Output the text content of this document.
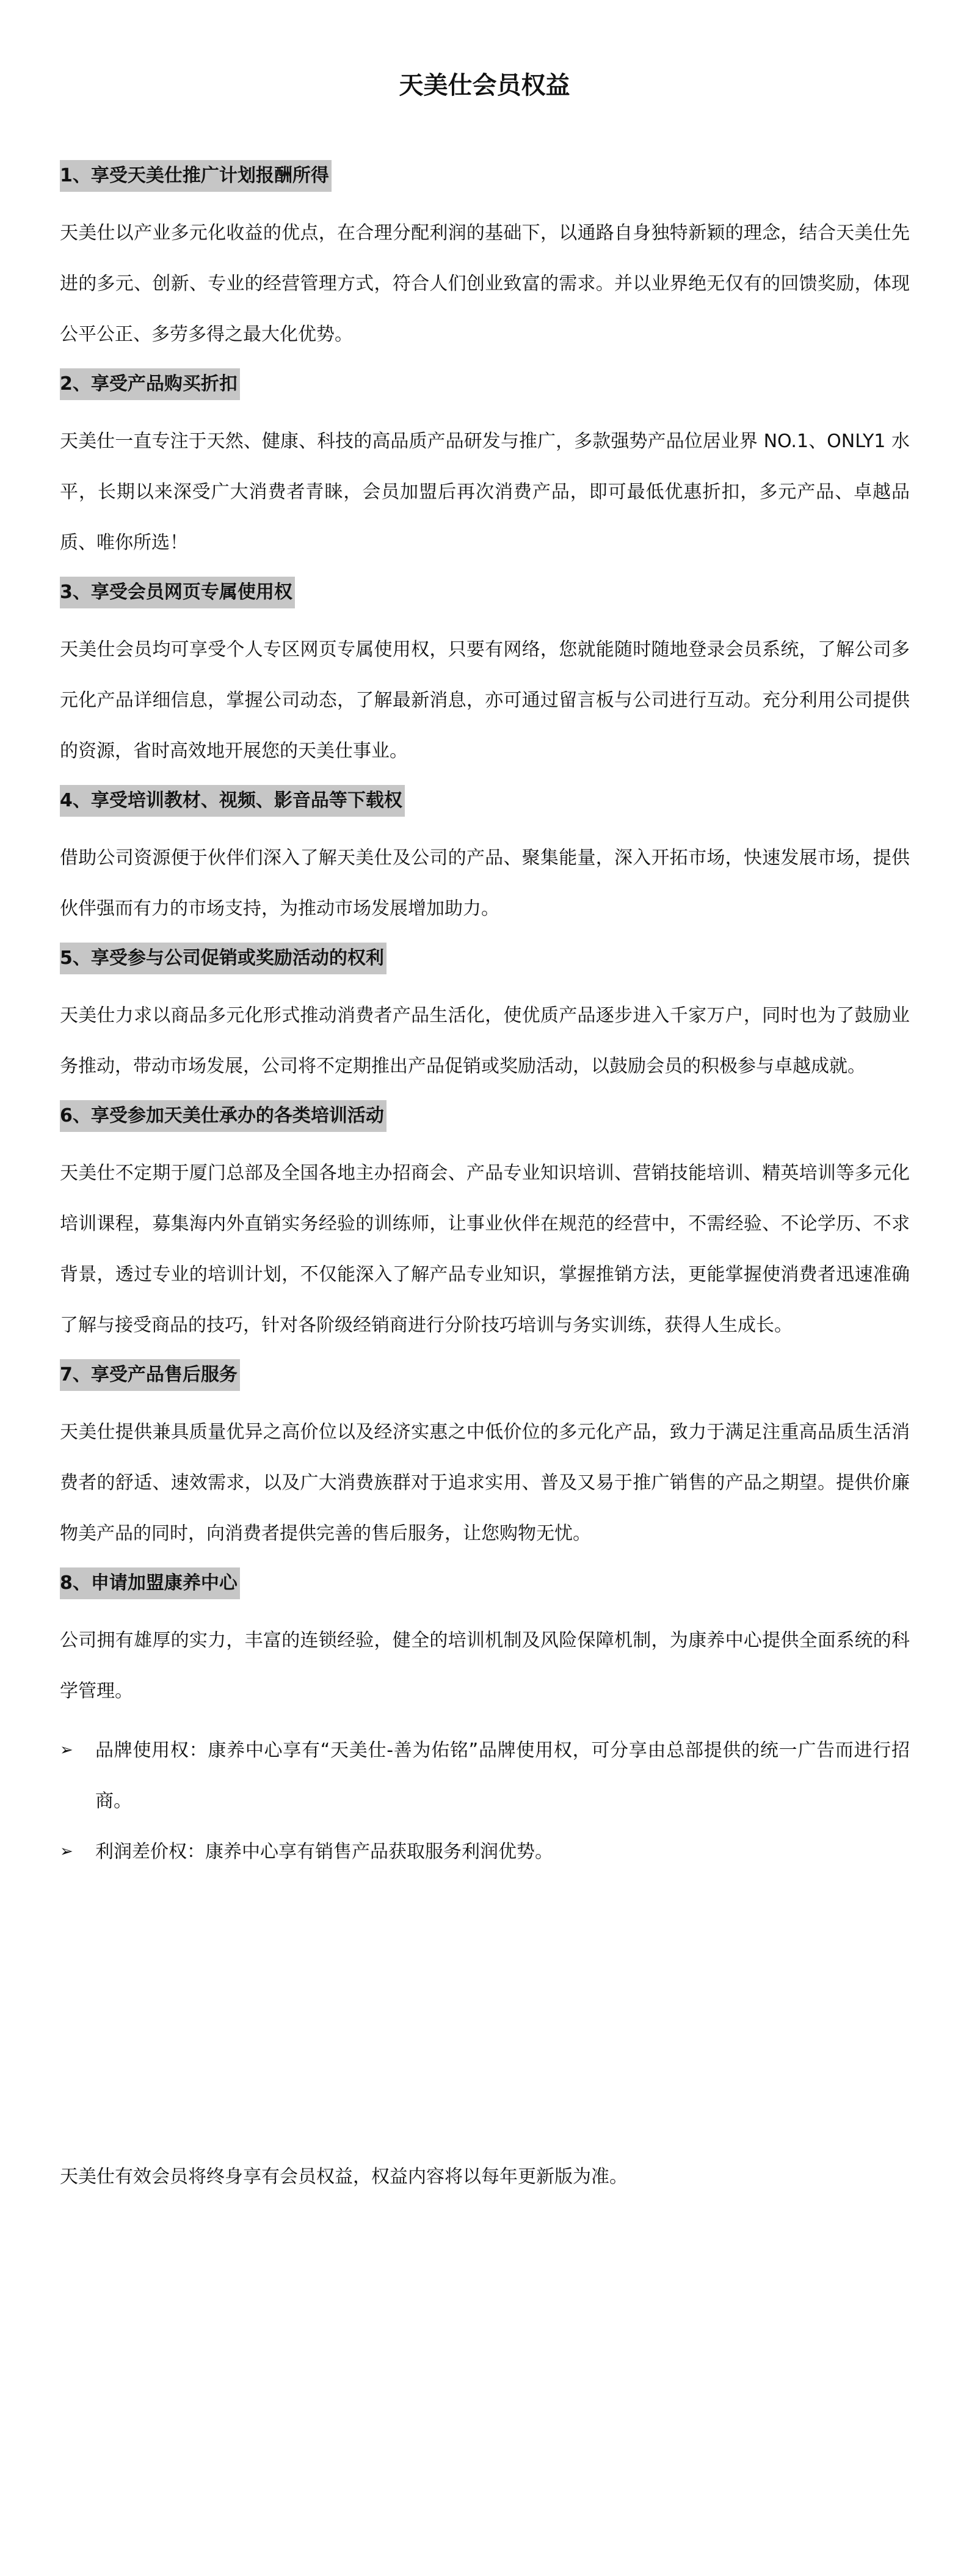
天美仕会员权益
1、享受天美仕推广计划报酬所得

天美仕以产业多元化收益的优点，在合理分配利润的基础下，以通路自身独特新颖的理念，结合天美仕先进的多元、创新、专业的经营管理方式，符合人们创业致富的需求。并以业界绝无仅有的回馈奖励，体现公平公正、多劳多得之最大化优势。

2、享受产品购买折扣

天美仕一直专注于天然、健康、科技的高品质产品研发与推广，多款强势产品位居业界 NO.1、ONLY1 水平，长期以来深受广大消费者青睐，会员加盟后再次消费产品，即可最低优惠折扣，多元产品、卓越品质、唯你所选！

3、享受会员网页专属使用权

天美仕会员均可享受个人专区网页专属使用权，只要有网络，您就能随时随地登录会员系统，了解公司多元化产品详细信息，掌握公司动态，了解最新消息，亦可通过留言板与公司进行互动。充分利用公司提供的资源，省时高效地开展您的天美仕事业。

4、享受培训教材、视频、影音品等下载权

借助公司资源便于伙伴们深入了解天美仕及公司的产品、聚集能量，深入开拓市场，快速发展市场，提供伙伴强而有力的市场支持，为推动市场发展增加助力。

5、享受参与公司促销或奖励活动的权利

天美仕力求以商品多元化形式推动消费者产品生活化，使优质产品逐步进入千家万户，同时也为了鼓励业务推动，带动市场发展，公司将不定期推出产品促销或奖励活动，以鼓励会员的积极参与卓越成就。

6、享受参加天美仕承办的各类培训活动

天美仕不定期于厦门总部及全国各地主办招商会、产品专业知识培训、营销技能培训、精英培训等多元化培训课程，募集海内外直销实务经验的训练师，让事业伙伴在规范的经营中，不需经验、不论学历、不求背景，透过专业的培训计划，不仅能深入了解产品专业知识，掌握推销方法，更能掌握使消费者迅速准确了解与接受商品的技巧，针对各阶级经销商进行分阶技巧培训与务实训练，获得人生成长。

7、享受产品售后服务

天美仕提供兼具质量优异之高价位以及经济实惠之中低价位的多元化产品，致力于满足注重高品质生活消费者的舒适、速效需求，以及广大消费族群对于追求实用、普及又易于推广销售的产品之期望。提供价廉物美产品的同时，向消费者提供完善的售后服务，让您购物无忧。

8、申请加盟康养中心

公司拥有雄厚的实力，丰富的连锁经验，健全的培训机制及风险保障机制，为康养中心提供全面系统的科学管理。

➢ 品牌使用权：康养中心享有“天美仕-善为佑铭”品牌使用权，可分享由总部提供的统一广告而进行招商。
➢ 利润差价权：康养中心享有销售产品获取服务利润优势。

天美仕有效会员将终身享有会员权益，权益内容将以每年更新版为准。
